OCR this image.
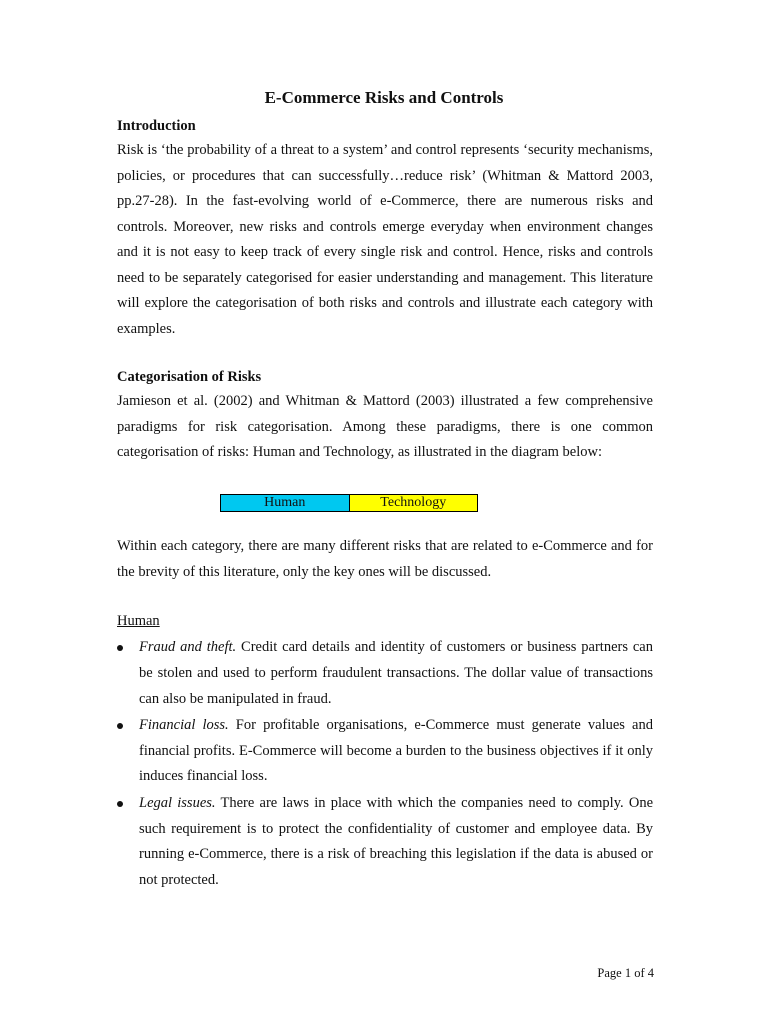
E-Commerce Risks and Controls
Introduction

Risk is ‘the probability of a threat to a system’ and control represents ‘security mechanisms, policies, or procedures that can successfully…reduce risk’ (Whitman & Mattord 2003, pp.27-28). In the fast-evolving world of e-Commerce, there are numerous risks and controls. Moreover, new risks and controls emerge everyday when environment changes and it is not easy to keep track of every single risk and control. Hence, risks and controls need to be separately categorised for easier understanding and management. This literature will explore the categorisation of both risks and controls and illustrate each category with examples.

Categorisation of Risks

Jamieson et al. (2002) and Whitman & Mattord (2003) illustrated a few comprehensive paradigms for risk categorisation. Among these paradigms, there is one common categorisation of risks: Human and Technology, as illustrated in the diagram below:

Human	Technology

Within each category, there are many different risks that are related to e-Commerce and for the brevity of this literature, only the key ones will be discussed.

Human

Fraud and theft. Credit card details and identity of customers or business partners can be stolen and used to perform fraudulent transactions. The dollar value of transactions can also be manipulated in fraud.
Financial loss. For profitable organisations, e-Commerce must generate values and financial profits. E-Commerce will become a burden to the business objectives if it only induces financial loss.
Legal issues. There are laws in place with which the companies need to comply. One such requirement is to protect the confidentiality of customer and employee data. By running e-Commerce, there is a risk of breaching this legislation if the data is abused or not protected.

Page 1 of 4
